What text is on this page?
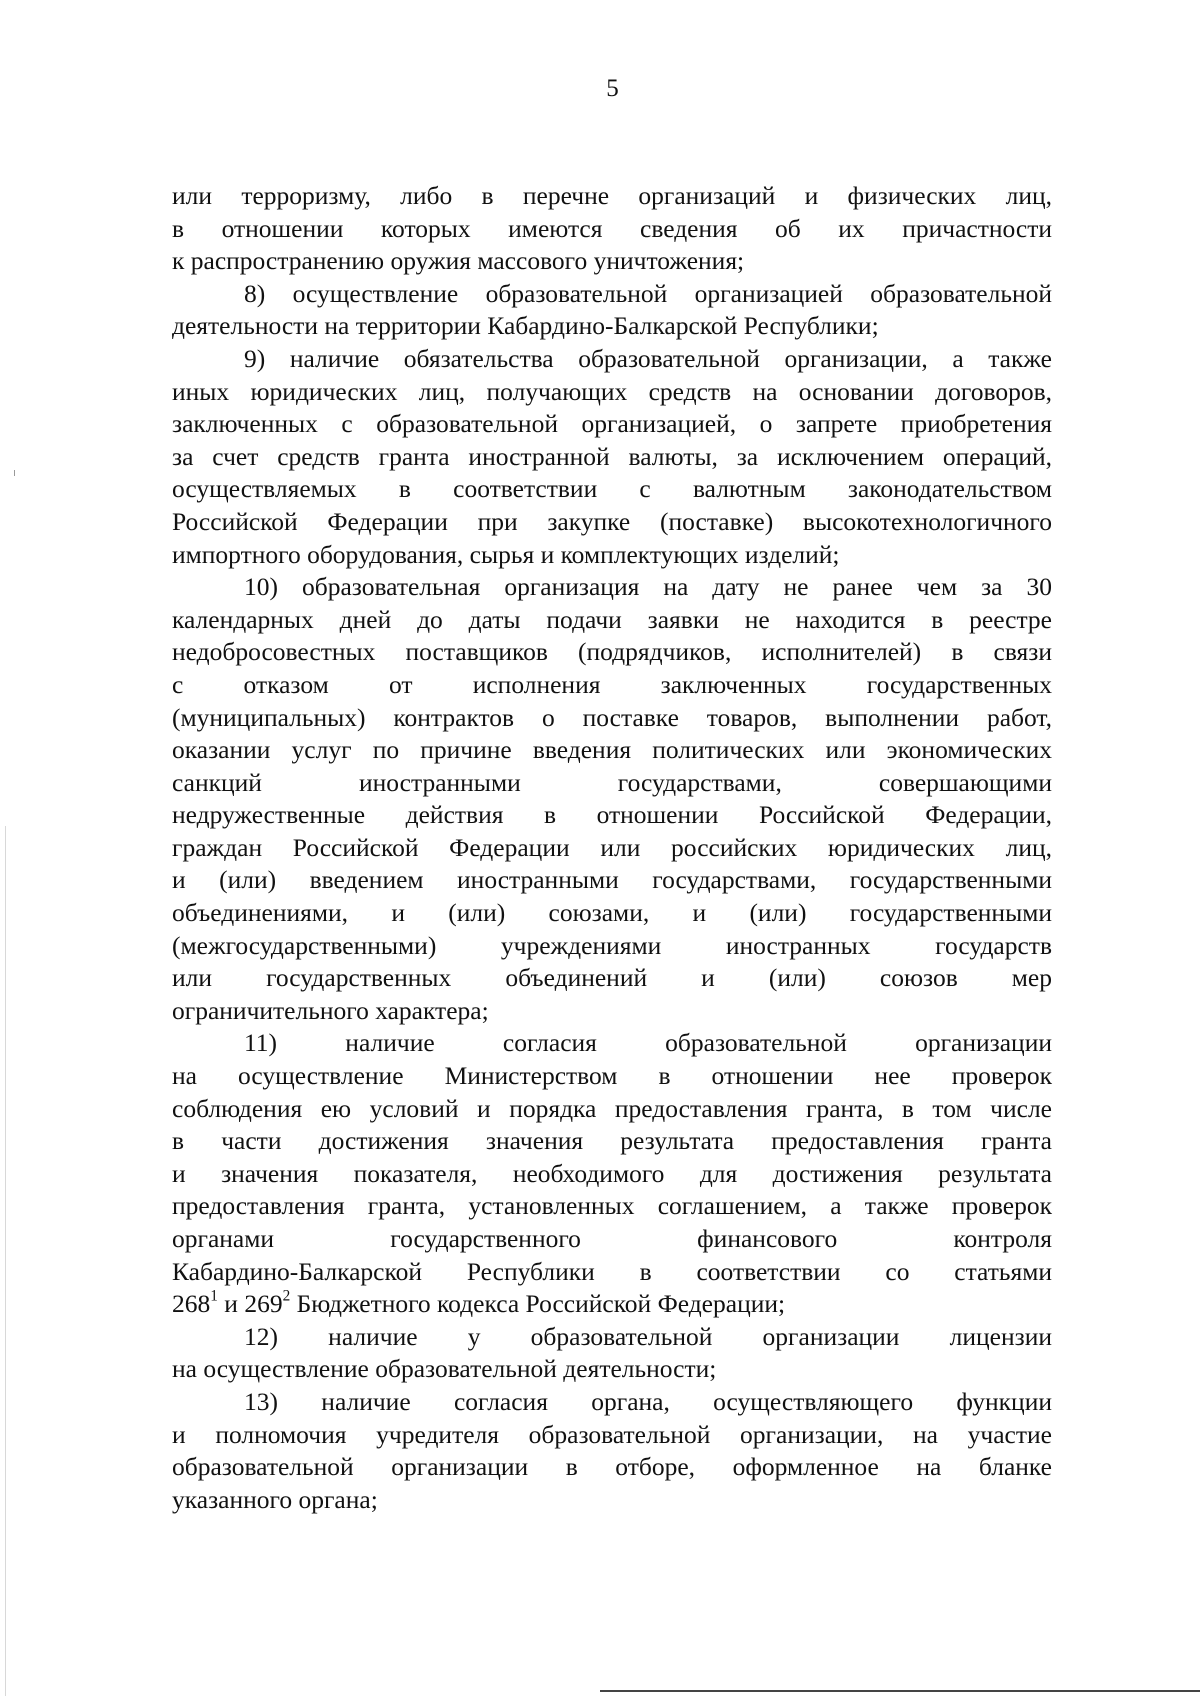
5

или терроризму, либо в перечне организаций и физических лиц,
в отношении которых имеются сведения об их причастности
к распространению оружия массового уничтожения;

8) осуществление образовательной организацией образовательной
деятельности на территории Кабардино-Балкарской Республики;

9) наличие обязательства образовательной организации, а также
иных юридических лиц, получающих средств на основании договоров,
заключенных с образовательной организацией, о запрете приобретения
за счет средств гранта иностранной валюты, за исключением операций,
осуществляемых в соответствии с валютным законодательством
Российской Федерации при закупке (поставке) высокотехнологичного
импортного оборудования, сырья и комплектующих изделий;

10) образовательная организация на дату не ранее чем за 30
календарных дней до даты подачи заявки не находится в реестре
недобросовестных поставщиков (подрядчиков, исполнителей) в связи
с отказом от исполнения заключенных государственных
(муниципальных) контрактов о поставке товаров, выполнении работ,
оказании услуг по причине введения политических или экономических
санкций иностранными государствами, совершающими
недружественные действия в отношении Российской Федерации,
граждан Российской Федерации или российских юридических лиц,
и (или) введением иностранными государствами, государственными
объединениями, и (или) союзами, и (или) государственными
(межгосударственными) учреждениями иностранных государств
или государственных объединений и (или) союзов мер
ограничительного характера;

11) наличие согласия образовательной организации
на осуществление Министерством в отношении нее проверок
соблюдения ею условий и порядка предоставления гранта, в том числе
в части достижения значения результата предоставления гранта
и значения показателя, необходимого для достижения результата
предоставления гранта, установленных соглашением, а также проверок
органами государственного финансового контроля
Кабардино-Балкарской Республики в соответствии со статьями
$268^1$ и $269^2$ Бюджетного кодекса Российской Федерации;

12) наличие у образовательной организации лицензии
на осуществление образовательной деятельности;

13) наличие согласия органа, осуществляющего функции
и полномочия учредителя образовательной организации, на участие
образовательной организации в отборе, оформленное на бланке
указанного органа;
